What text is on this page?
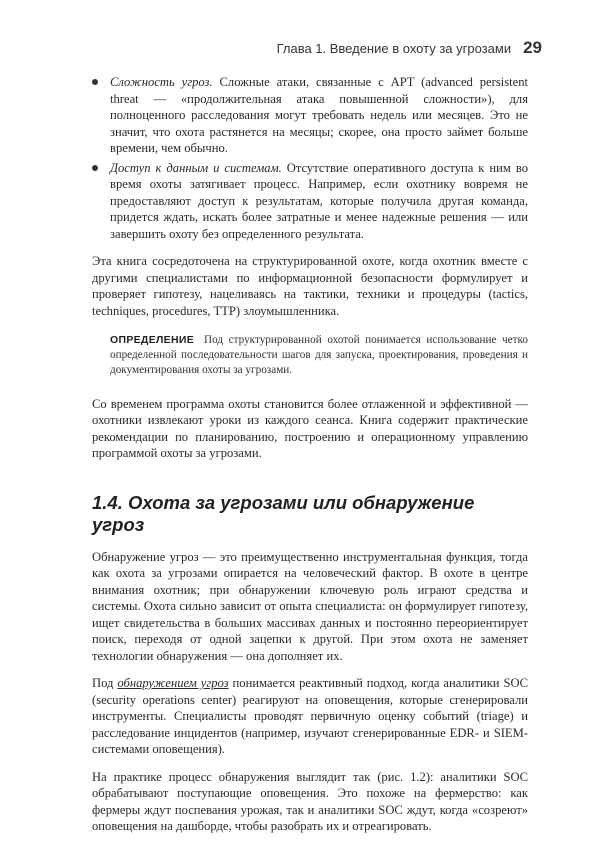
Глава 1. Введение в охоту за угрозами 29
Сложность угроз. Сложные атаки, связанные с APT (advanced persistent threat — «продолжительная атака повышенной сложности»), для полноценного расследования могут требовать недель или месяцев. Это не значит, что охота растянется на месяцы; скорее, она просто займет больше времени, чем обычно.
Доступ к данным и системам. Отсутствие оперативного доступа к ним во время охоты затягивает процесс. Например, если охотнику вовремя не предоставляют доступ к результатам, которые получила другая команда, придется ждать, искать более затратные и менее надежные решения — или завершить охоту без определенного результата.

Эта книга сосредоточена на структурированной охоте, когда охотник вместе с другими специалистами по информационной безопасности формулирует и проверяет гипотезу, нацеливаясь на тактики, техники и процедуры (tactics, techniques, procedures, TTP) злоумышленника.

ОПРЕДЕЛЕНИЕ Под структурированной охотой понимается использование четко определенной последовательности шагов для запуска, проектирования, проведения и документирования охоты за угрозами.

Со временем программа охоты становится более отлаженной и эффективной — охотники извлекают уроки из каждого сеанса. Книга содержит практические рекомендации по планированию, построению и операционному управлению программой охоты за угрозами.

1.4. Охота за угрозами или обнаружение угроз

Обнаружение угроз — это преимущественно инструментальная функция, тогда как охота за угрозами опирается на человеческий фактор. В охоте в центре внимания охотник; при обнаружении ключевую роль играют средства и системы. Охота сильно зависит от опыта специалиста: он формулирует гипотезу, ищет свидетельства в больших массивах данных и постоянно переориентирует поиск, переходя от одной зацепки к другой. При этом охота не заменяет технологии обнаружения — она дополняет их.

Под обнаружением угроз понимается реактивный подход, когда аналитики SOC (security operations center) реагируют на оповещения, которые сгенерировали инструменты. Специалисты проводят первичную оценку событий (triage) и расследование инцидентов (например, изучают сгенерированные EDR- и SIEM-системами оповещения).

На практике процесс обнаружения выглядит так (рис. 1.2): аналитики SOC обрабатывают поступающие оповещения. Это похоже на фермерство: как фермеры ждут поспевания урожая, так и аналитики SOC ждут, когда «созреют» оповещения на дашборде, чтобы разобрать их и отреагировать.
